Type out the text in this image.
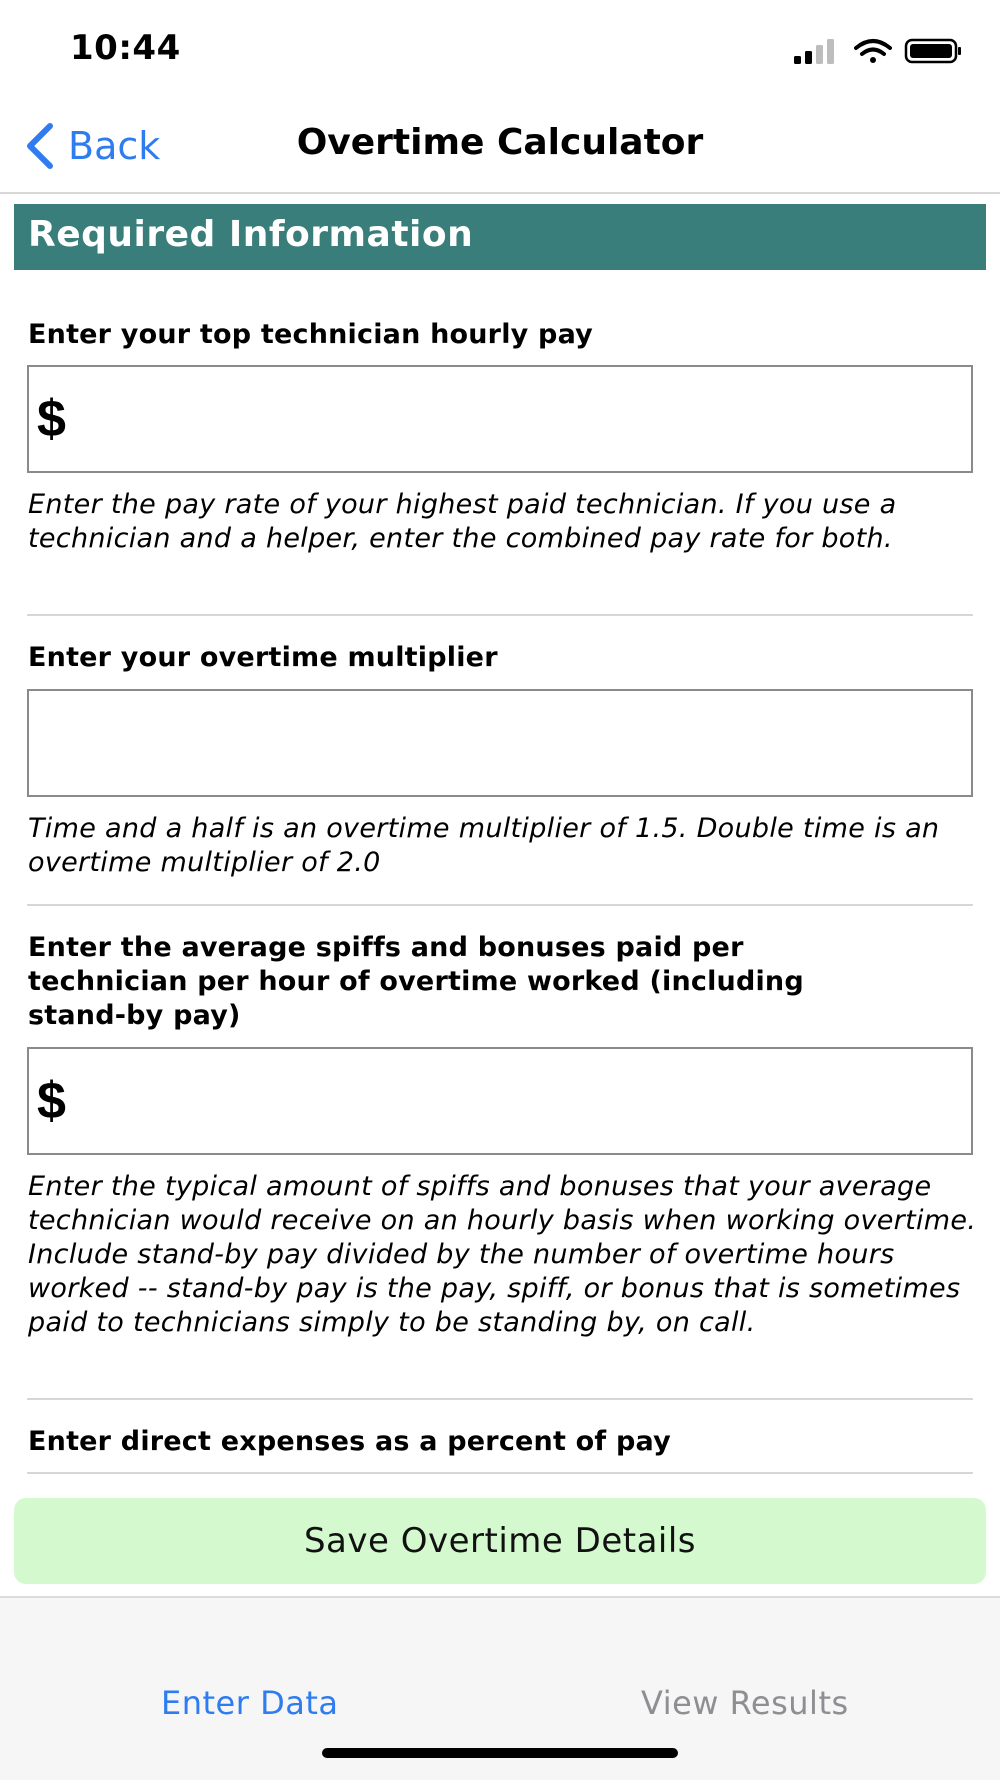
10:44
Back	Overtime Calculator
Required Information
Enter your top technician hourly pay
$
Enter the pay rate of your highest paid technician. If you use a technician and a helper, enter the combined pay rate for both.
Enter your overtime multiplier
Time and a half is an overtime multiplier of 1.5. Double time is an overtime multiplier of 2.0
Enter the average spiffs and bonuses paid per technician per hour of overtime worked (including stand-by pay)
$
Enter the typical amount of spiffs and bonuses that your average technician would receive on an hourly basis when working overtime. Include stand-by pay divided by the number of overtime hours worked -- stand-by pay is the pay, spiff, or bonus that is sometimes paid to technicians simply to be standing by, on call.
Enter direct expenses as a percent of pay
Save Overtime Details
Enter Data	View Results
